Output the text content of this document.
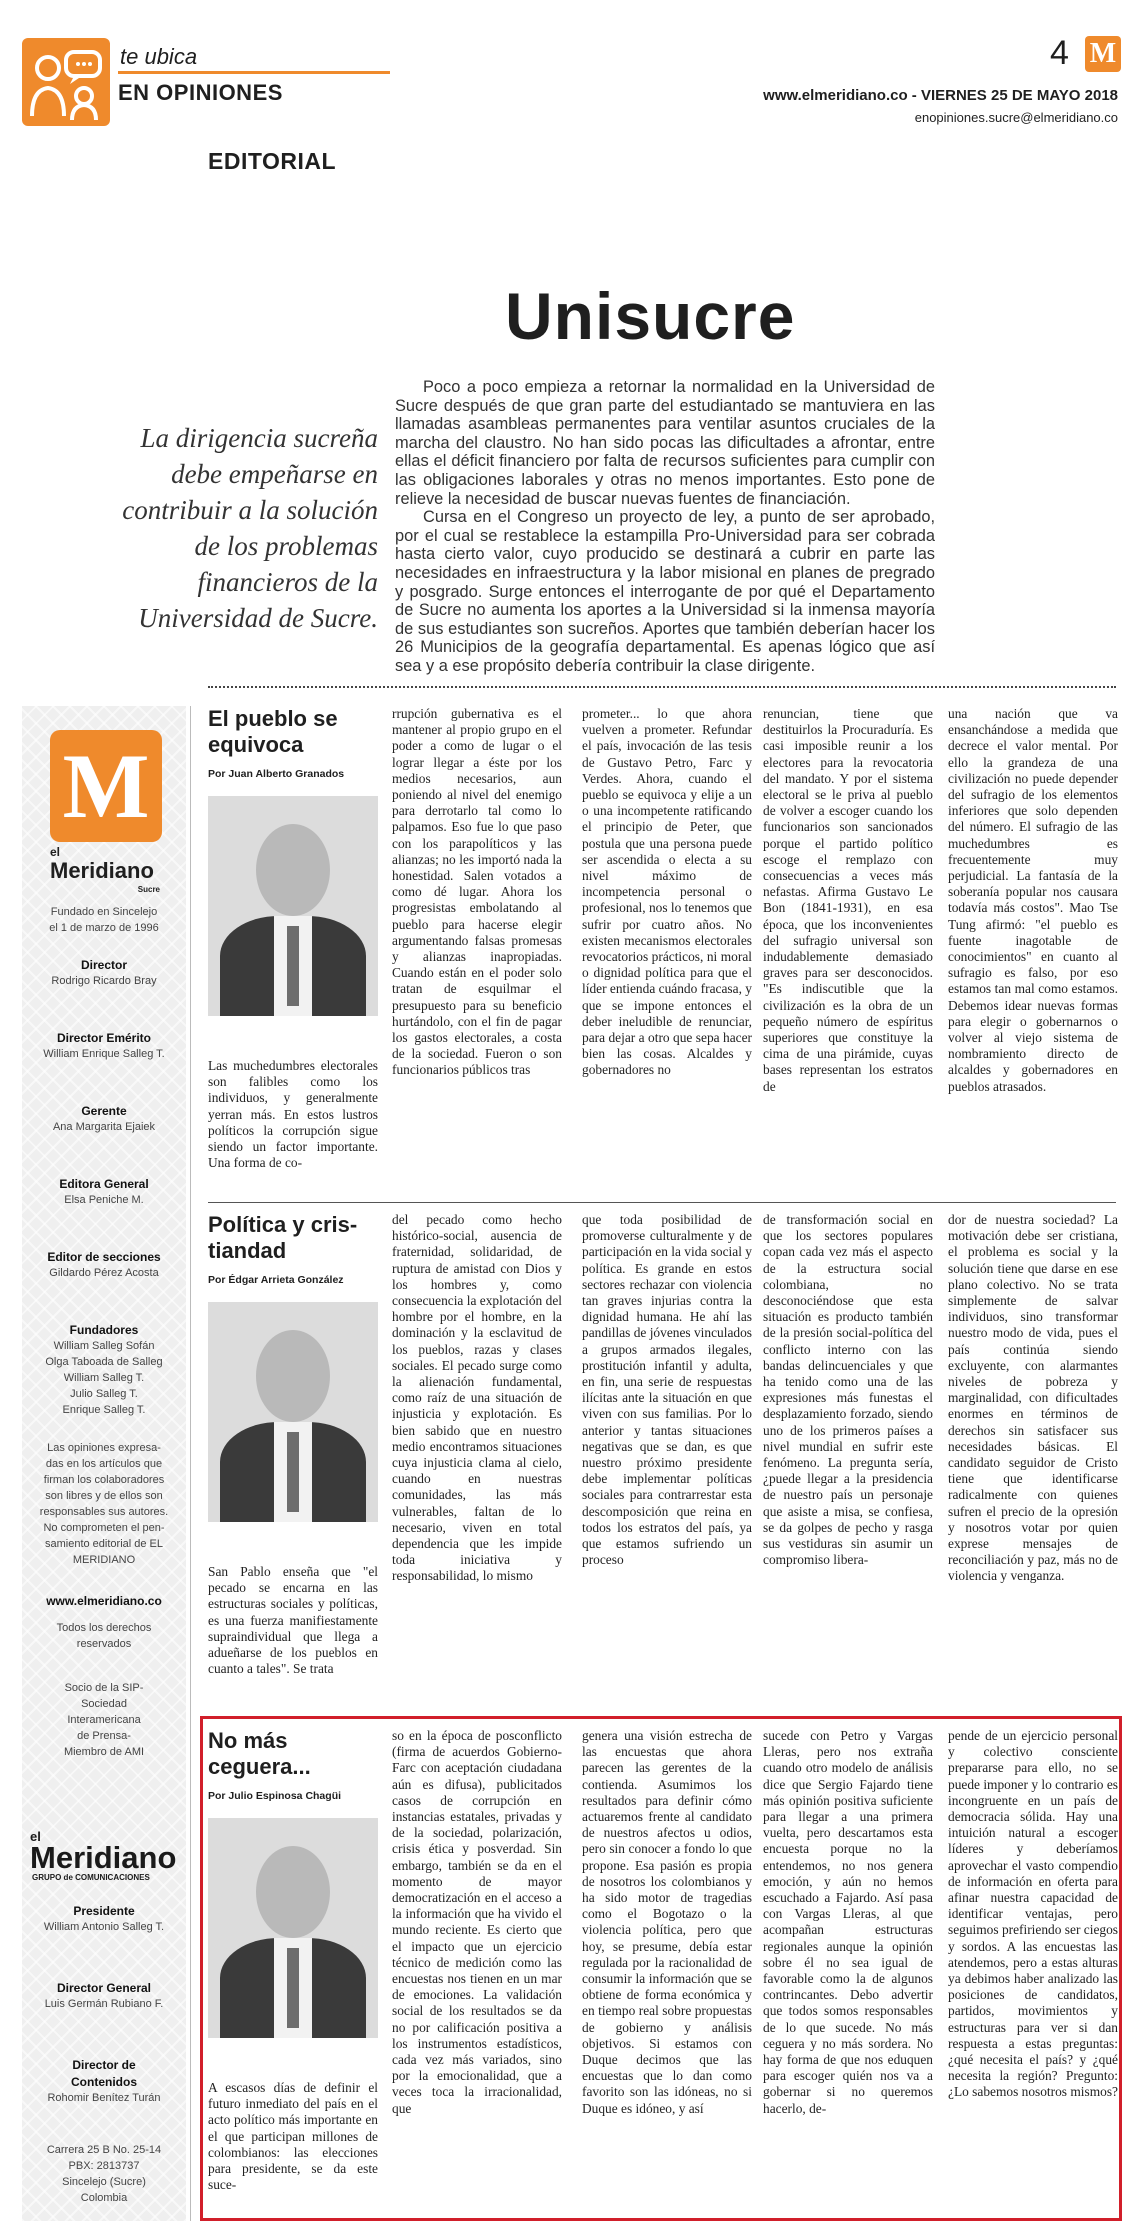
te ubica
EN OPINIONES
4 M
www.elmeridiano.co - VIERNES 25 DE MAYO 2018
enopiniones.sucre@elmeridiano.co
EDITORIAL
Unisucre
La dirigencia sucreña debe empeñarse en contribuir a la solución de los problemas financieros de la Universidad de Sucre.

Poco a poco empieza a retornar la normalidad en la Universidad de Sucre después de que gran parte del estudiantado se mantuviera en las llamadas asambleas permanentes para ventilar asuntos cruciales de la marcha del claustro. No han sido pocas las dificultades a afrontar, entre ellas el déficit financiero por falta de recursos suficientes para cumplir con las obligaciones laborales y otras no menos importantes. Esto pone de relieve la necesidad de buscar nuevas fuentes de financiación.

Cursa en el Congreso un proyecto de ley, a punto de ser aprobado, por el cual se restablece la estampilla Pro-Universidad para ser cobrada hasta cierto valor, cuyo producido se destinará a cubrir en parte las necesidades en infraestructura y la labor misional en planes de pregrado y posgrado. Surge entonces el interrogante de por qué el Departamento de Sucre no aumenta los aportes a la Universidad si la inmensa mayoría de sus estudiantes son sucreños. Aportes que también deberían hacer los 26 Municipios de la geografía departamental. Es apenas lógico que así sea y a ese propósito debería contribuir la clase dirigente.

M
el
Meridiano
Sucre
Fundado en Sincelejo
el 1 de marzo de 1996
Director
Rodrigo Ricardo Bray
Director Emérito
William Enrique Salleg T.
Gerente
Ana Margarita Ejaiek
Editora General
Elsa Peniche M.
Editor de secciones
Gildardo Pérez Acosta
Fundadores
William Salleg Sofán
Olga Taboada de Salleg
William Salleg T.
Julio Salleg T.
Enrique Salleg T.
Las opiniones expresa-
das en los artículos que
firman los colaboradores
son libres y de ellos son
responsables sus autores.
No comprometen el pen-
samiento editorial de EL
MERIDIANO
www.elmeridiano.co
Todos los derechos
reservados
Socio de la SIP-
Sociedad
Interamericana
de Prensa-
Miembro de AMI
Presidente
William Antonio Salleg T.
Director General
Luis Germán Rubiano F.
Director de
Contenidos
Rohomir Benítez Turán
Carrera 25 B No. 25-14
PBX: 2813737
Sincelejo (Sucre)
Colombia
el
Meridiano
GRUPO de COMUNICACIONES
El pueblo se
equivoca
Por Juan Alberto Granados
Las muchedumbres electorales son falibles como los individuos, y generalmente yerran más. En estos lustros políticos la corrupción sigue siendo un factor importante. Una forma de co-
rrupción gubernativa es el mantener al propio grupo en el poder a como de lugar o el lograr llegar a éste por los medios necesarios, aun poniendo al nivel del enemigo para derrotarlo tal como lo palpamos. Eso fue lo que paso con los parapolíticos y las alianzas; no les importó nada la honestidad. Salen votados a como dé lugar. Ahora los progresistas embolatando al pueblo para hacerse elegir argumentando falsas promesas y alianzas inapropiadas. Cuando están en el poder solo tratan de esquilmar el presupuesto para su beneficio hurtándolo, con el fin de pagar los gastos electorales, a costa de la sociedad. Fueron o son funcionarios públicos tras
prometer... lo que ahora vuelven a prometer. Refundar el país, invocación de las tesis de Gustavo Petro, Farc y Verdes. Ahora, cuando el pueblo se equivoca y elije a un o una incompetente ratificando el principio de Peter, que postula que una persona puede ser ascendida o electa a su nivel máximo de incompetencia personal o profesional, nos lo tenemos que sufrir por cuatro años. No existen mecanismos electorales revocatorios prácticos, ni moral o dignidad política para que el líder entienda cuándo fracasa, y que se impone entonces el deber ineludible de renunciar, para dejar a otro que sepa hacer bien las cosas. Alcaldes y gobernadores no
renuncian, tiene que destituirlos la Procuraduría. Es casi imposible reunir a los electores para la revocatoria del mandato. Y por el sistema electoral se le priva al pueblo de volver a escoger cuando los funcionarios son sancionados porque el partido político escoge el remplazo con consecuencias a veces más nefastas. Afirma Gustavo Le Bon (1841-1931), en esa época, que los inconvenientes del sufragio universal son indudablemente demasiado graves para ser desconocidos. "Es indiscutible que la civilización es la obra de un pequeño número de espíritus superiores que constituye la cima de una pirámide, cuyas bases representan los estratos de
una nación que va ensanchándose a medida que decrece el valor mental. Por ello la grandeza de una civilización no puede depender del sufragio de los elementos inferiores que solo dependen del número. El sufragio de las muchedumbres es frecuentemente muy perjudicial. La fantasía de la soberanía popular nos causara todavía más costos". Mao Tse Tung afirmó: "el pueblo es fuente inagotable de conocimientos" en cuanto al sufragio es falso, por eso estamos tan mal como estamos. Debemos idear nuevas formas para elegir o gobernarnos o volver al viejo sistema de nombramiento directo de alcaldes y gobernadores en pueblos atrasados.
Política y cris-
tiandad
Por Édgar Arrieta González
San Pablo enseña que "el pecado se encarna en las estructuras sociales y políticas, es una fuerza manifiestamente supraindividual que llega a adueñarse de los pueblos en cuanto a tales". Se trata
del pecado como hecho histórico-social, ausencia de fraternidad, solidaridad, de ruptura de amistad con Dios y los hombres y, como consecuencia la explotación del hombre por el hombre, en la dominación y la esclavitud de los pueblos, razas y clases sociales. El pecado surge como la alienación fundamental, como raíz de una situación de injusticia y explotación. Es bien sabido que en nuestro medio encontramos situaciones cuya injusticia clama al cielo, cuando en nuestras comunidades, las más vulnerables, faltan de lo necesario, viven en total dependencia que les impide toda iniciativa y responsabilidad, lo mismo
que toda posibilidad de promoverse culturalmente y de participación en la vida social y política. Es grande en estos sectores rechazar con violencia tan graves injurias contra la dignidad humana. He ahí las pandillas de jóvenes vinculados a grupos armados ilegales, prostitución infantil y adulta, en fin, una serie de respuestas ilícitas ante la situación en que viven con sus familias. Por lo anterior y tantas situaciones negativas que se dan, es que nuestro próximo presidente debe implementar políticas sociales para contrarrestar esta descomposición que reina en todos los estratos del país, ya que estamos sufriendo un proceso
de transformación social en que los sectores populares copan cada vez más el aspecto de la estructura social colombiana, no desconociéndose que esta situación es producto también de la presión social-política del conflicto interno con las bandas delincuenciales y que ha tenido como una de las expresiones más funestas el desplazamiento forzado, siendo uno de los primeros países a nivel mundial en sufrir este fenómeno. La pregunta sería, ¿puede llegar a la presidencia de nuestro país un personaje que asiste a misa, se confiesa, se da golpes de pecho y rasga sus vestiduras sin asumir un compromiso libera-
dor de nuestra sociedad? La motivación debe ser cristiana, el problema es social y la solución tiene que darse en ese plano colectivo. No se trata simplemente de salvar individuos, sino transformar nuestro modo de vida, pues el país continúa siendo excluyente, con alarmantes niveles de pobreza y marginalidad, con dificultades enormes en términos de derechos sin satisfacer sus necesidades básicas. El candidato seguidor de Cristo tiene que identificarse radicalmente con quienes sufren el precio de la opresión y nosotros votar por quien exprese mensajes de reconciliación y paz, más no de violencia y venganza.
No más
ceguera...
Por Julio Espinosa Chagüi
A escasos días de definir el futuro inmediato del país en el acto político más importante en el que participan millones de colombianos: las elecciones para presidente, se da este suce-
so en la época de posconflicto (firma de acuerdos Gobierno- Farc con aceptación ciudadana aún es difusa), publicitados casos de corrupción en instancias estatales, privadas y de la sociedad, polarización, crisis ética y posverdad. Sin embargo, también se da en el momento de mayor democratización en el acceso a la información que ha vivido el mundo reciente. Es cierto que el impacto que un ejercicio técnico de medición como las encuestas nos tienen en un mar de emociones. La validación social de los resultados se da no por calificación positiva a los instrumentos estadísticos, cada vez más variados, sino por la emocionalidad, que a veces toca la irracionalidad, que
genera una visión estrecha de las encuestas que ahora parecen las gerentes de la contienda. Asumimos los resultados para definir cómo actuaremos frente al candidato de nuestros afectos u odios, pero sin conocer a fondo lo que propone. Esa pasión es propia de nosotros los colombianos y ha sido motor de tragedias como el Bogotazo o la violencia política, pero que hoy, se presume, debía estar regulada por la racionalidad de consumir la información que se obtiene de forma económica y en tiempo real sobre propuestas de gobierno y análisis objetivos. Si estamos con Duque decimos que las encuestas que lo dan como favorito son las idóneas, no si Duque es idóneo, y así
sucede con Petro y Vargas Lleras, pero nos extraña cuando otro modelo de análisis dice que Sergio Fajardo tiene más opinión positiva suficiente para llegar a una primera vuelta, pero descartamos esta encuesta porque no la entendemos, no nos genera emoción, y aún no hemos escuchado a Fajardo. Así pasa con Vargas Lleras, al que acompañan estructuras regionales aunque la opinión sobre él no sea igual de favorable como la de algunos contrincantes. Debo advertir que todos somos responsables de lo que sucede. No más ceguera y no más sordera. No hay forma de que nos eduquen para escoger quién nos va a gobernar si no queremos hacerlo, de-
pende de un ejercicio personal y colectivo consciente prepararse para ello, no se puede imponer y lo contrario es incongruente en un país de democracia sólida. Hay una intuición natural a escoger líderes y deberíamos aprovechar el vasto compendio de información en oferta para afinar nuestra capacidad de identificar ventajas, pero seguimos prefiriendo ser ciegos y sordos. A las encuestas las atendemos, pero a estas alturas ya debimos haber analizado las posiciones de candidatos, partidos, movimientos y estructuras para ver si dan respuesta a estas preguntas: ¿qué necesita el país? y ¿qué necesita la región? Pregunto: ¿Lo sabemos nosotros mismos?
